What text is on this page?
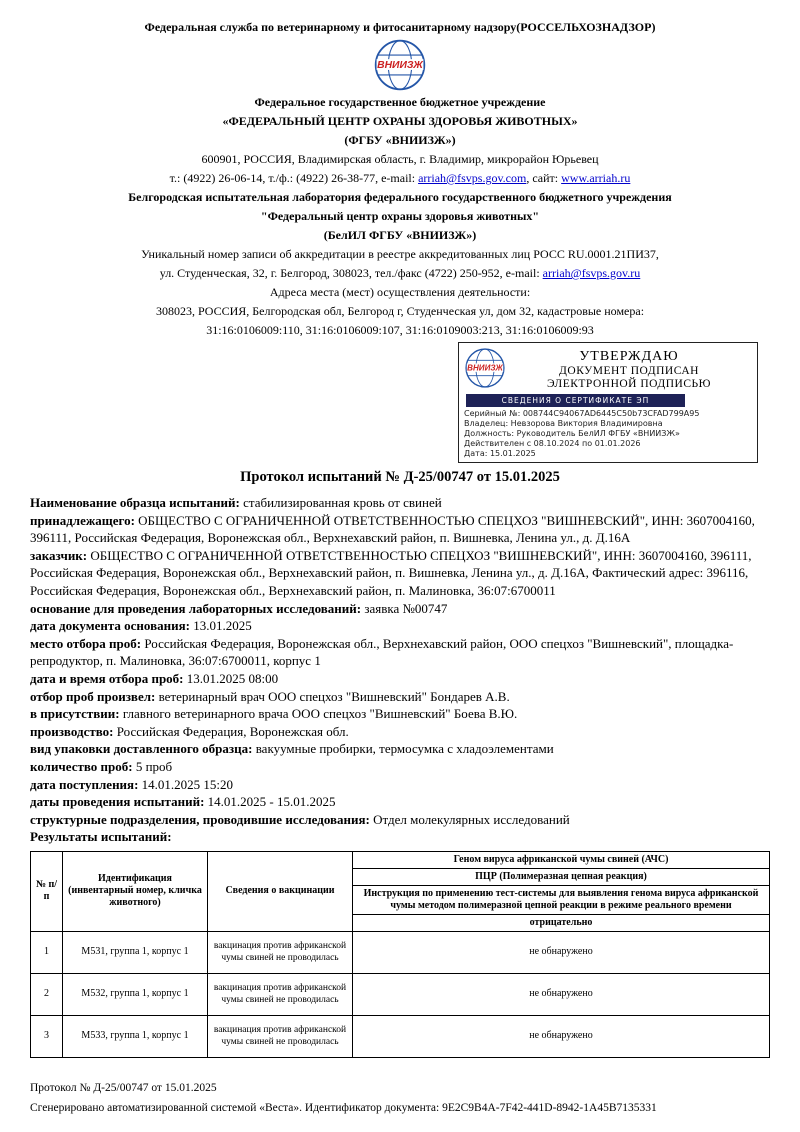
Федеральная служба по ветеринарному и фитосанитарному надзору(РОССЕЛЬХОЗНАДЗОР)

ВНИИЗЖ

Федеральное государственное бюджетное учреждение

«ФЕДЕРАЛЬНЫЙ ЦЕНТР ОХРАНЫ ЗДОРОВЬЯ ЖИВОТНЫХ»

(ФГБУ «ВНИИЗЖ»)

600901, РОССИЯ, Владимирская область, г. Владимир, микрорайон Юрьевец

т.: (4922) 26-06-14, т./ф.: (4922) 26-38-77, e-mail: arriah@fsvps.gov.com, сайт: www.arriah.ru

Белгородская испытательная лаборатория федерального государственного бюджетного учреждения

"Федеральный центр охраны здоровья животных"

(БелИЛ ФГБУ «ВНИИЗЖ»)

Уникальный номер записи об аккредитации в реестре аккредитованных лиц РОСС RU.0001.21ПИ37,

ул. Студенческая, 32, г. Белгород, 308023, тел./факс (4722) 250-952, e-mail: arriah@fsvps.gov.ru

Адреса места (мест) осуществления деятельности:

308023, РОССИЯ, Белгородская обл, Белгород г, Студенческая ул, дом 32, кадастровые номера:

31:16:0106009:110, 31:16:0106009:107, 31:16:0109003:213, 31:16:0106009:93

ВНИИЗЖ
УТВЕРЖДАЮ
ДОКУМЕНТ ПОДПИСАН
ЭЛЕКТРОННОЙ ПОДПИСЬЮ
СВЕДЕНИЯ О СЕРТИФИКАТЕ ЭП
Серийный №: 008744C94067AD6445C50b73CFAD799A95
Владелец: Невзорова Виктория Владимировна
Должность: Руководитель БелИЛ ФГБУ «ВНИИЗЖ»
Действителен с 08.10.2024 по 01.01.2026
Дата: 15.01.2025
Протокол испытаний № Д-25/00747 от 15.01.2025

Наименование образца испытаний: стабилизированная кровь от свиней

принадлежащего: ОБЩЕСТВО С ОГРАНИЧЕННОЙ ОТВЕТСТВЕННОСТЬЮ СПЕЦХОЗ "ВИШНЕВСКИЙ", ИНН: 3607004160, 396111, Российская Федерация, Воронежская обл., Верхнехавский район, п. Вишневка, Ленина ул., д. Д.16А

заказчик: ОБЩЕСТВО С ОГРАНИЧЕННОЙ ОТВЕТСТВЕННОСТЬЮ СПЕЦХОЗ "ВИШНЕВСКИЙ", ИНН: 3607004160, 396111, Российская Федерация, Воронежская обл., Верхнехавский район, п. Вишневка, Ленина ул., д. Д.16А, Фактический адрес: 396116, Российская Федерация, Воронежская обл., Верхнехавский район, п. Малиновка, 36:07:6700011

основание для проведения лабораторных исследований: заявка №00747

дата документа основания: 13.01.2025

место отбора проб: Российская Федерация, Воронежская обл., Верхнехавский район, ООО спецхоз "Вишневский", площадка-репродуктор, п. Малиновка, 36:07:6700011, корпус 1

дата и время отбора проб: 13.01.2025 08:00

отбор проб произвел: ветеринарный врач ООО спецхоз "Вишневский" Бондарев А.В.

в присутствии: главного ветеринарного врача ООО спецхоз "Вишневский" Боева В.Ю.

производство: Российская Федерация, Воронежская обл.

вид упаковки доставленного образца: вакуумные пробирки, термосумка с хладоэлементами

количество проб: 5 проб

дата поступления: 14.01.2025 15:20

даты проведения испытаний: 14.01.2025 - 15.01.2025

структурные подразделения, проводившие исследования: Отдел молекулярных исследований

Результаты испытаний:

№ п/п	Идентификация (инвентарный номер, кличка животного)	Сведения о вакцинации	Геном вируса африканской чумы свиней (АЧС)
			ПЦР (Полимеразная цепная реакция)
			Инструкция по применению тест-системы для выявления генома вируса африканской чумы методом полимеразной цепной реакции в режиме реального времени
			отрицательно
1	М531, группа 1, корпус 1	вакцинация против африканской чумы свиней не проводилась	не обнаружено
2	М532, группа 1, корпус 1	вакцинация против африканской чумы свиней не проводилась	не обнаружено
3	М533, группа 1, корпус 1	вакцинация против африканской чумы свиней не проводилась	не обнаружено

Протокол № Д-25/00747 от 15.01.2025

Сгенерировано автоматизированной системой «Веста». Идентификатор документа: 9E2C9B4A-7F42-441D-8942-1A45B7135331
